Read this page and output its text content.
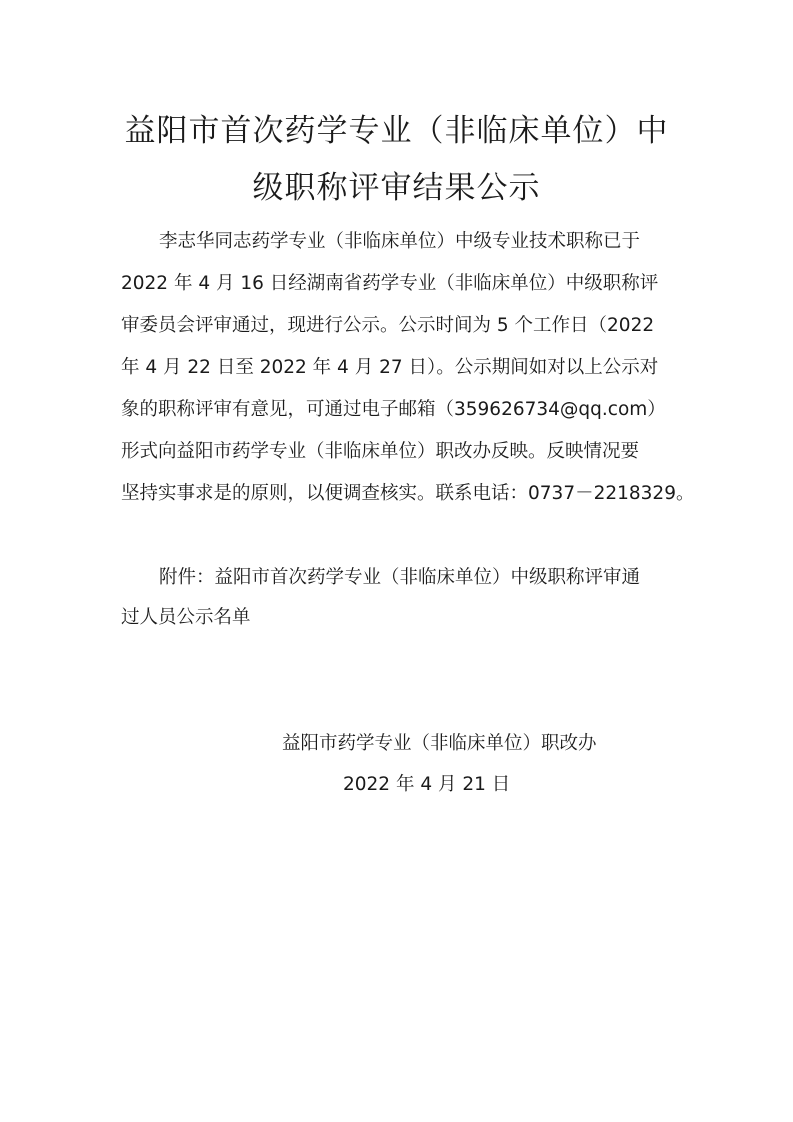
益阳市首次药学专业（非临床单位）中
级职称评审结果公示
李志华同志药学专业（非临床单位）中级专业技术职称已于
2022 年 4 月 16 日经湖南省药学专业（非临床单位）中级职称评
审委员会评审通过，现进行公示。公示时间为 5 个工作日（2022
年 4 月 22 日至 2022 年 4 月 27 日）。公示期间如对以上公示对
象的职称评审有意见，可通过电子邮箱（359626734@qq.com）
形式向益阳市药学专业（非临床单位）职改办反映。反映情况要
坚持实事求是的原则，以便调查核实。联系电话：0737－2218329。
附件：益阳市首次药学专业（非临床单位）中级职称评审通
过人员公示名单
益阳市药学专业（非临床单位）职改办
2022 年 4 月 21 日
